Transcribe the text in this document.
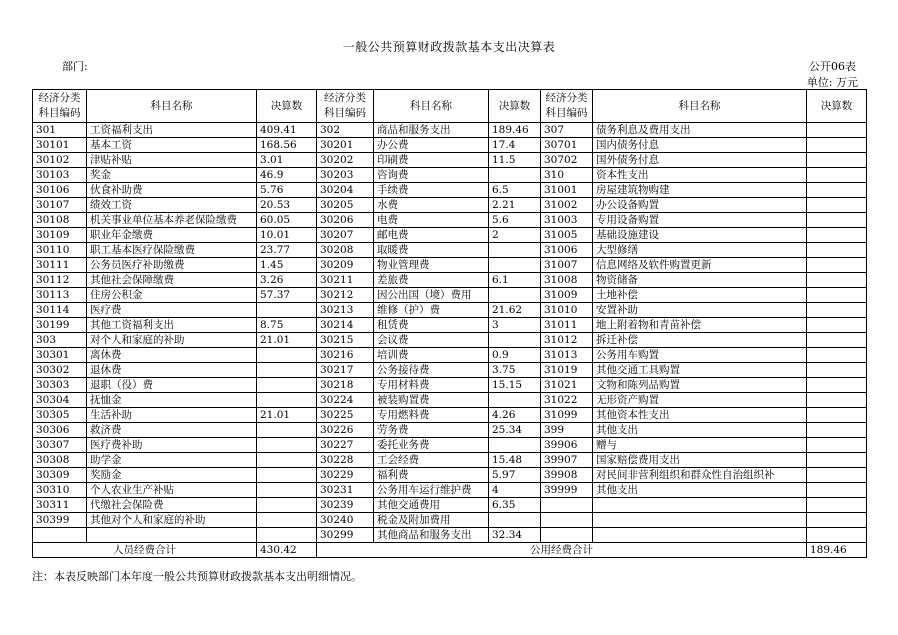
一般公共预算财政拨款基本支出决算表
部门:	公开06表
单位: 万元
经济分类科目编码	科目名称	决算数	经济分类科目编码	科目名称	决算数	经济分类科目编码	科目名称	决算数
301	工资福利支出	409.41	302	商品和服务支出	189.46	307	债务利息及费用支出	
30101	基本工资	168.56	30201	办公费	17.4	30701	国内债务付息	
30102	津贴补贴	3.01	30202	印刷费	11.5	30702	国外债务付息	
30103	奖金	46.9	30203	咨询费		310	资本性支出	
30106	伙食补助费	5.76	30204	手续费	6.5	31001	房屋建筑物购建	
30107	绩效工资	20.53	30205	水费	2.21	31002	办公设备购置	
30108	机关事业单位基本养老保险缴费	60.05	30206	电费	5.6	31003	专用设备购置	
30109	职业年金缴费	10.01	30207	邮电费	2	31005	基础设施建设	
30110	职工基本医疗保险缴费	23.77	30208	取暖费		31006	大型修缮	
30111	公务员医疗补助缴费	1.45	30209	物业管理费		31007	信息网络及软件购置更新	
30112	其他社会保障缴费	3.26	30211	差旅费	6.1	31008	物资储备	
30113	住房公积金	57.37	30212	因公出国（境）费用		31009	土地补偿	
30114	医疗费		30213	维修（护）费	21.62	31010	安置补助	
30199	其他工资福利支出	8.75	30214	租赁费	3	31011	地上附着物和青苗补偿	
303	对个人和家庭的补助	21.01	30215	会议费		31012	拆迁补偿	
30301	离休费		30216	培训费	0.9	31013	公务用车购置	
30302	退休费		30217	公务接待费	3.75	31019	其他交通工具购置	
30303	退职（役）费		30218	专用材料费	15.15	31021	文物和陈列品购置	
30304	抚恤金		30224	被装购置费		31022	无形资产购置	
30305	生活补助	21.01	30225	专用燃料费	4.26	31099	其他资本性支出	
30306	救济费		30226	劳务费	25.34	399	其他支出	
30307	医疗费补助		30227	委托业务费		39906	赠与	
30308	助学金		30228	工会经费	15.48	39907	国家赔偿费用支出	
30309	奖励金		30229	福利费	5.97	39908	对民间非营利组织和群众性自治组织补	
30310	个人农业生产补贴		30231	公务用车运行维护费	4	39999	其他支出	
30311	代缴社会保险费		30239	其他交通费用	6.35			
30399	其他对个人和家庭的补助		30240	税金及附加费用				
			30299	其他商品和服务支出	32.34			
人员经费合计		430.42	公用经费合计					189.46
注：本表反映部门本年度一般公共预算财政拨款基本支出明细情况。
